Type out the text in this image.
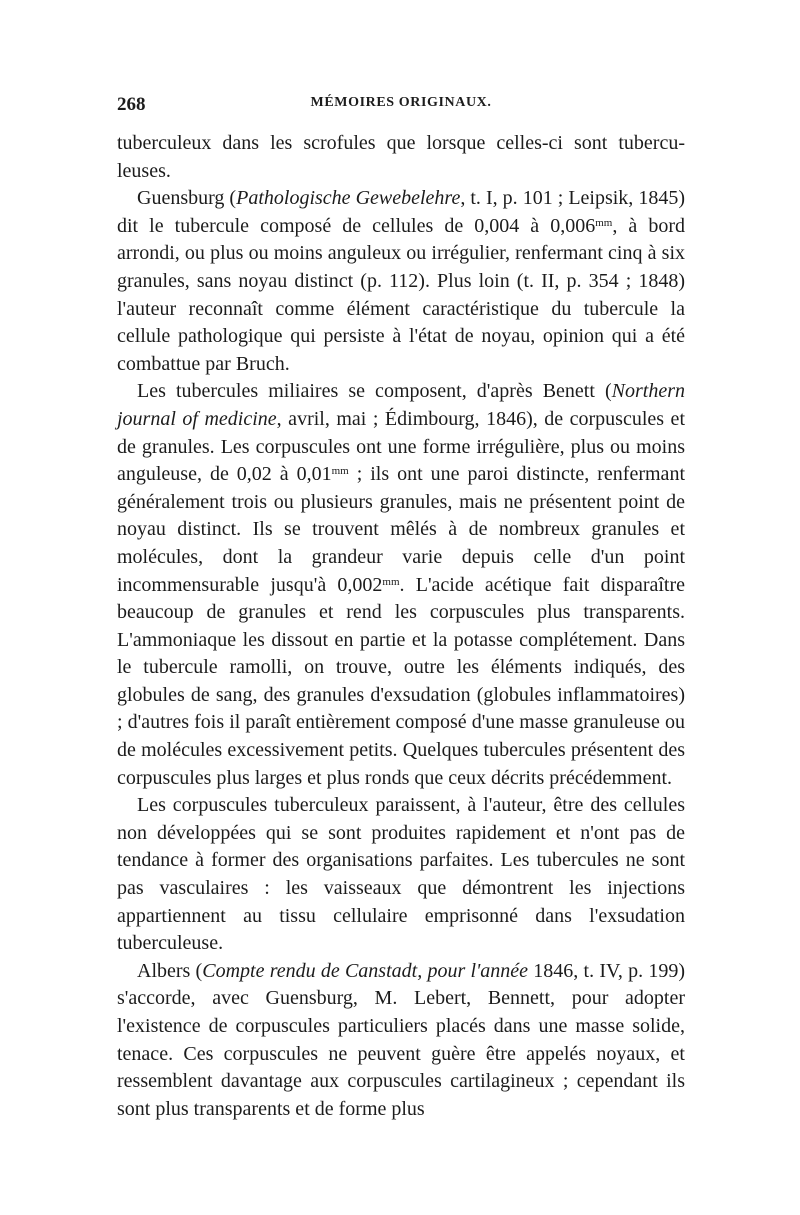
268	MÉMOIRES ORIGINAUX.

tuberculeux dans les scrofules que lorsque celles-ci sont tubercu-leuses.

Guensburg (Pathologische Gewebelehre, t. I, p. 101 ; Leipsik, 1845) dit le tubercule composé de cellules de 0,004 à $0,006^{mm}$, à bord arrondi, ou plus ou moins anguleux ou irrégulier, renfermant cinq à six granules, sans noyau distinct (p. 112). Plus loin (t. II, p. 354 ; 1848) l'auteur reconnaît comme élément caractéristique du tubercule la cellule pathologique qui persiste à l'état de noyau, opinion qui a été combattue par Bruch.

Les tubercules miliaires se composent, d'après Benett (Northern journal of medicine, avril, mai ; Édimbourg, 1846), de corpuscules et de granules. Les corpuscules ont une forme irrégulière, plus ou moins anguleuse, de 0,02 à $0,01^{mm}$ ; ils ont une paroi distincte, renfermant généralement trois ou plusieurs granules, mais ne présentent point de noyau distinct. Ils se trouvent mêlés à de nombreux granules et molécules, dont la grandeur varie depuis celle d'un point incommensurable jusqu'à $0,002^{mm}$. L'acide acétique fait disparaître beaucoup de granules et rend les corpuscules plus transparents. L'ammoniaque les dissout en partie et la potasse complétement. Dans le tubercule ramolli, on trouve, outre les éléments indiqués, des globules de sang, des granules d'exsudation (globules inflammatoires) ; d'autres fois il paraît entièrement composé d'une masse granuleuse ou de molécules excessivement petits. Quelques tubercules présentent des corpuscules plus larges et plus ronds que ceux décrits précédemment.

Les corpuscules tuberculeux paraissent, à l'auteur, être des cellules non développées qui se sont produites rapidement et n'ont pas de tendance à former des organisations parfaites. Les tubercules ne sont pas vasculaires : les vaisseaux que démontrent les injections appartiennent au tissu cellulaire emprisonné dans l'exsudation tuberculeuse.

Albers (Compte rendu de Canstadt, pour l'année 1846, t. IV, p. 199) s'accorde, avec Guensburg, M. Lebert, Bennett, pour adopter l'existence de corpuscules particuliers placés dans une masse solide, tenace. Ces corpuscules ne peuvent guère être appelés noyaux, et ressemblent davantage aux corpuscules cartilagineux ; cependant ils sont plus transparents et de forme plus
